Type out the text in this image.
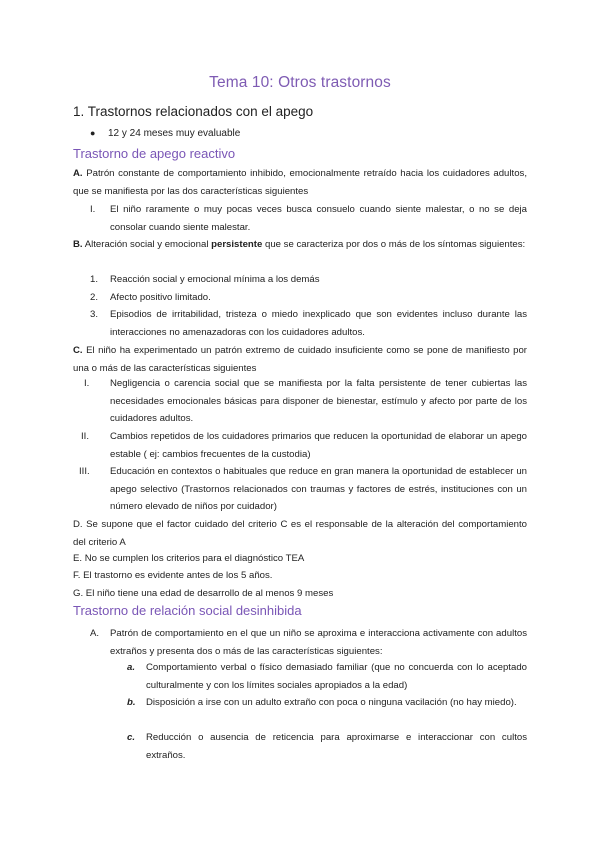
Tema 10: Otros trastornos
1. Trastornos relacionados con el apego
● 12 y 24 meses muy evaluable
Trastorno de apego reactivo
A. Patrón constante de comportamiento inhibido, emocionalmente retraído hacia los cuidadores adultos, que se manifiesta por las dos características siguientes
I. El niño raramente o muy pocas veces busca consuelo cuando siente malestar, o no se deja consolar cuando siente malestar.
B. Alteración social y emocional persistente que se caracteriza por dos o más de los síntomas siguientes:
1. Reacción social y emocional mínima a los demás
2. Afecto positivo limitado.
3. Episodios de irritabilidad, tristeza o miedo inexplicado que son evidentes incluso durante las interacciones no amenazadoras con los cuidadores adultos.
C. El niño ha experimentado un patrón extremo de cuidado insuficiente como se pone de manifiesto por una o más de las características siguientes
I. Negligencia o carencia social que se manifiesta por la falta persistente de tener cubiertas las necesidades emocionales básicas para disponer de bienestar, estímulo y afecto por parte de los cuidadores adultos.
II. Cambios repetidos de los cuidadores primarios que reducen la oportunidad de elaborar un apego estable ( ej: cambios frecuentes de la custodia)
III. Educación en contextos o habituales que reduce en gran manera la oportunidad de establecer un apego selectivo (Trastornos relacionados con traumas y factores de estrés, instituciones con un número elevado de niños por cuidador)
D. Se supone que el factor cuidado del criterio C es el responsable de la alteración del comportamiento del criterio A
E. No se cumplen los criterios para el diagnóstico TEA
F. El trastorno es evidente antes de los 5 años.
G. El niño tiene una edad de desarrollo de al menos 9 meses
Trastorno de relación social desinhibida
A. Patrón de comportamiento en el que un niño se aproxima e interacciona activamente con adultos extraños y presenta dos o más de las características siguientes:
a. Comportamiento verbal o físico demasiado familiar (que no concuerda con lo aceptado culturalmente y con los límites sociales apropiados a la edad)
b. Disposición a irse con un adulto extraño con poca o ninguna vacilación (no hay miedo).
c. Reducción o ausencia de reticencia para aproximarse e interaccionar con cultos extraños.
